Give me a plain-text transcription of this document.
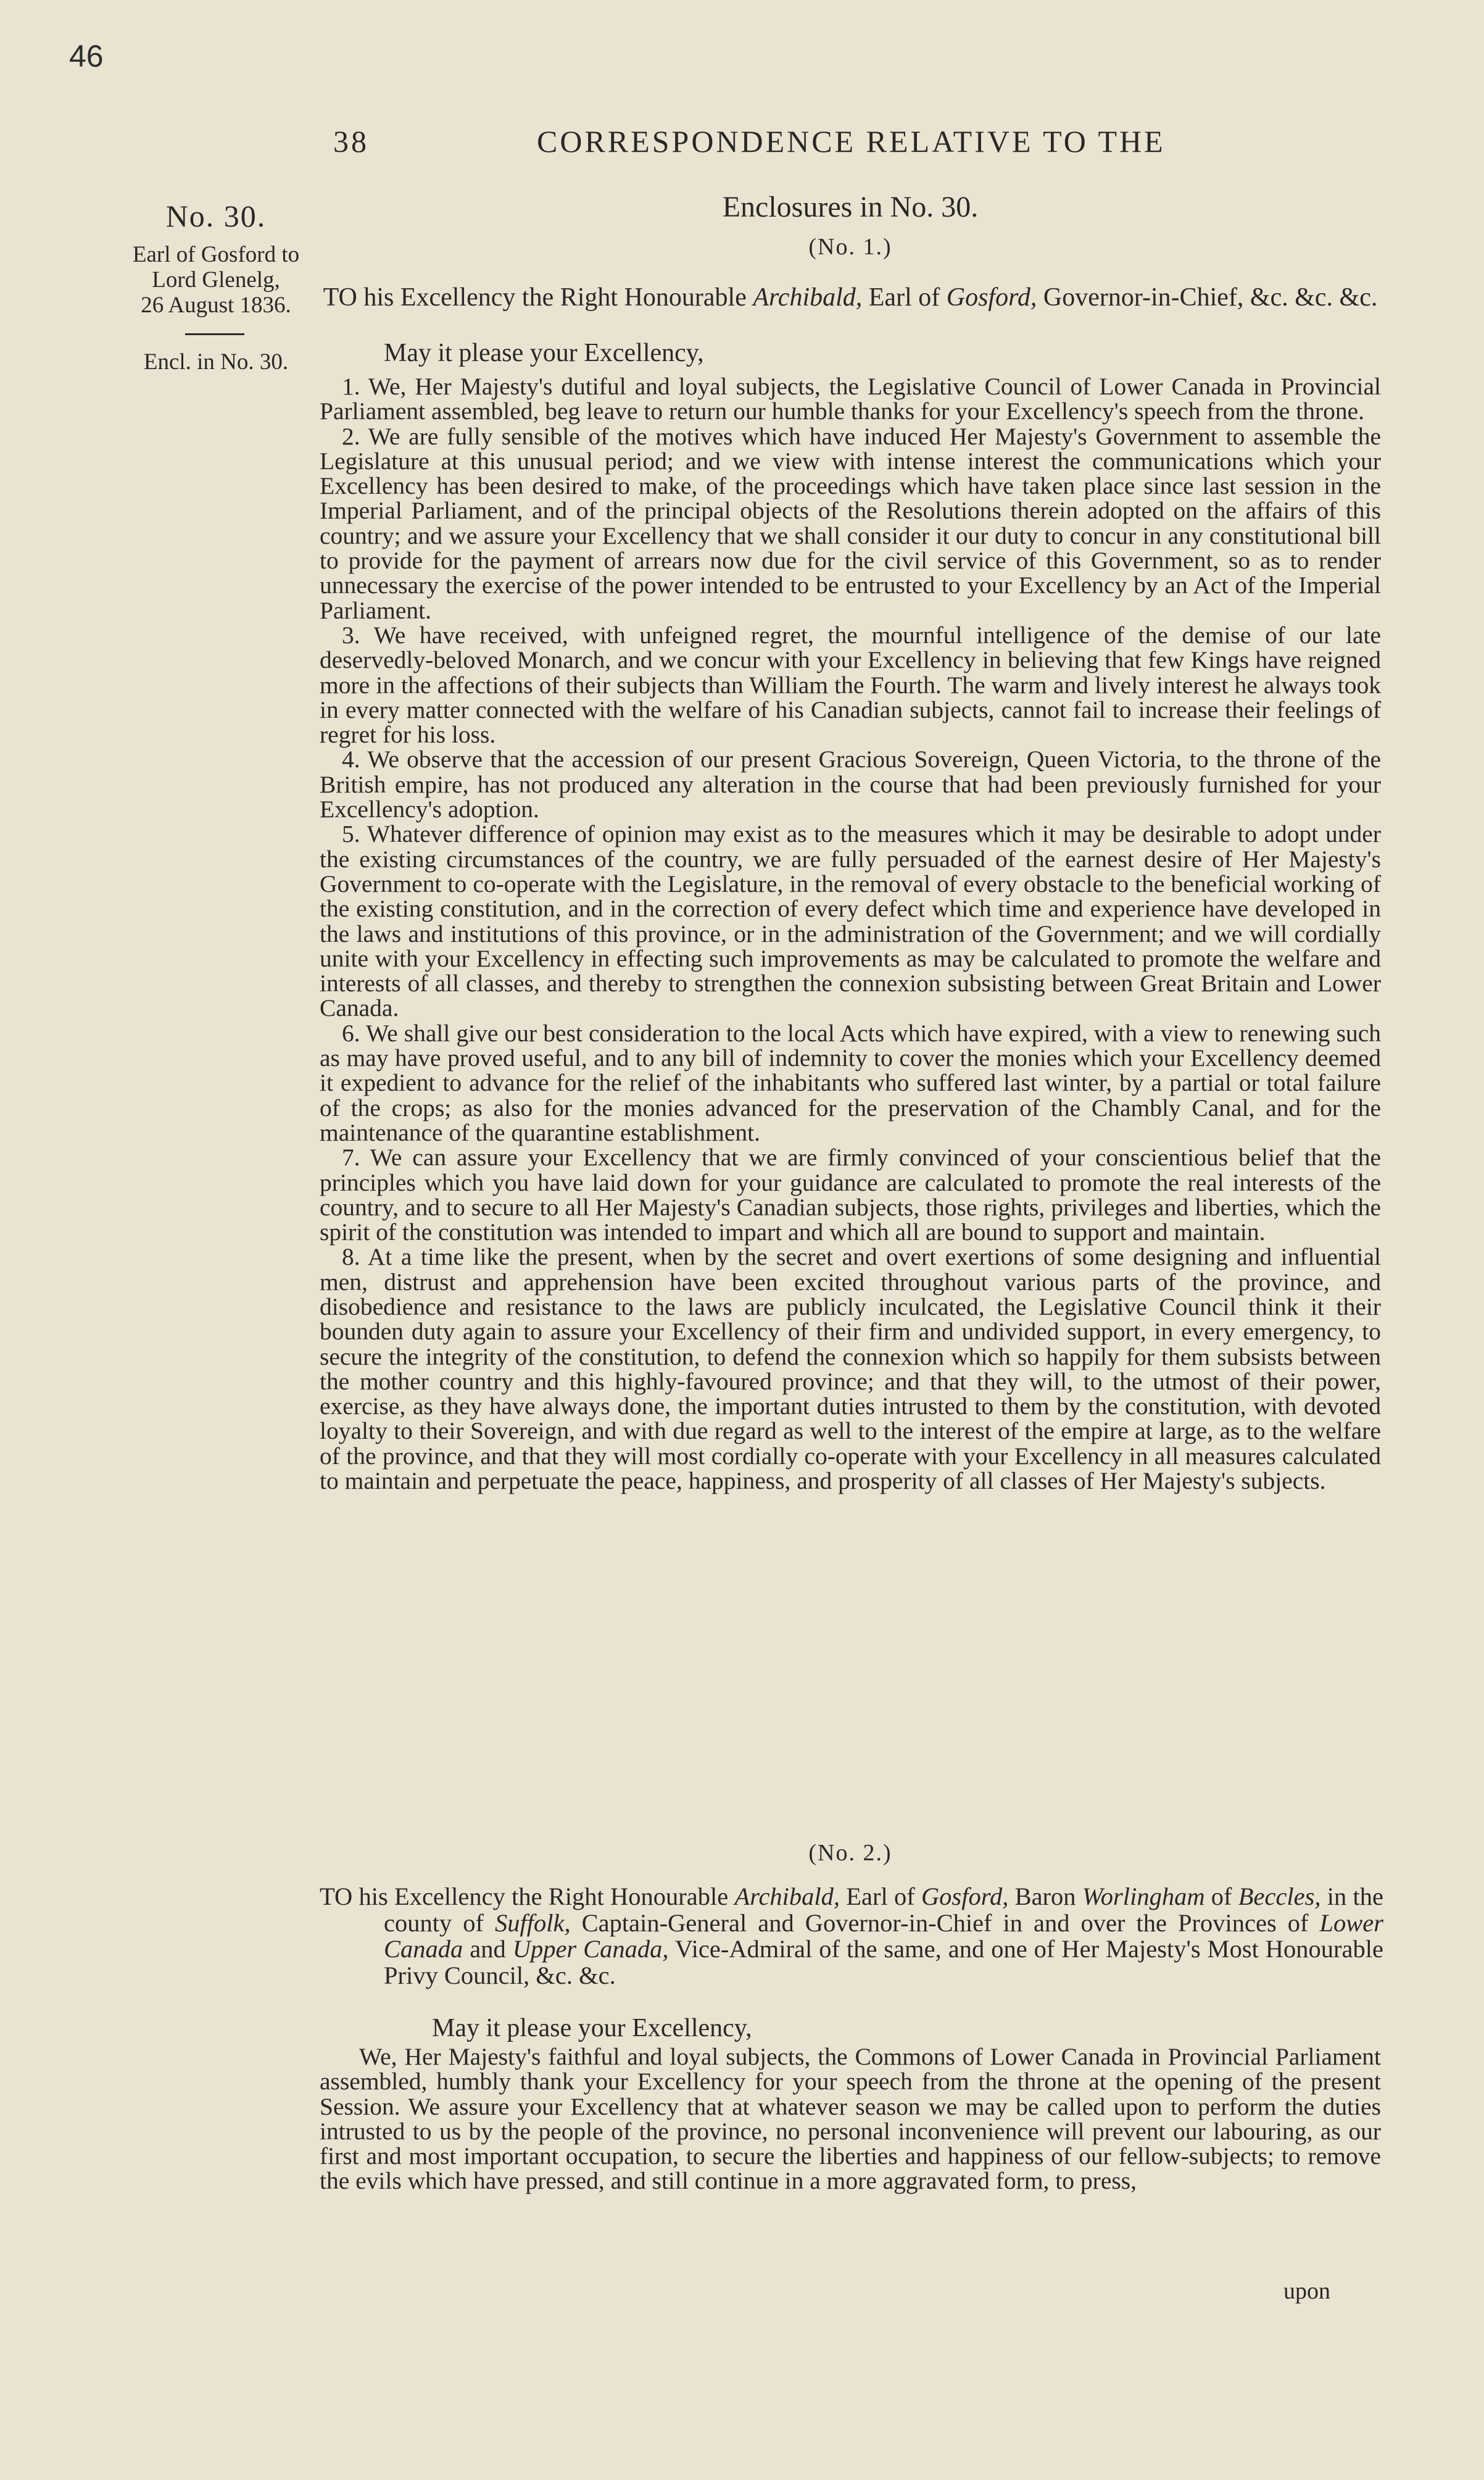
46
38	CORRESPONDENCE RELATIVE TO THE
No. 30.
Earl of Gosford to
Lord Glenelg,
26 August 1836.
Encl. in No. 30.
Enclosures in No. 30.
(No. 1.)
TO his Excellency the Right Honourable Archibald, Earl of Gosford, Governor-in-Chief, &c. &c. &c.
May it please your Excellency,

1. We, Her Majesty's dutiful and loyal subjects, the Legislative Council of Lower Canada in Provincial Parliament assembled, beg leave to return our humble thanks for your Excellency's speech from the throne.

2. We are fully sensible of the motives which have induced Her Majesty's Government to assemble the Legislature at this unusual period; and we view with intense interest the communications which your Excellency has been desired to make, of the proceedings which have taken place since last session in the Imperial Parliament, and of the principal objects of the Resolutions therein adopted on the affairs of this country; and we assure your Excellency that we shall consider it our duty to concur in any constitutional bill to provide for the payment of arrears now due for the civil service of this Government, so as to render unnecessary the exercise of the power intended to be entrusted to your Excellency by an Act of the Imperial Parliament.

3. We have received, with unfeigned regret, the mournful intelligence of the demise of our late deservedly-beloved Monarch, and we concur with your Excellency in believing that few Kings have reigned more in the affections of their subjects than William the Fourth. The warm and lively interest he always took in every matter connected with the welfare of his Canadian subjects, cannot fail to increase their feelings of regret for his loss.

4. We observe that the accession of our present Gracious Sovereign, Queen Victoria, to the throne of the British empire, has not produced any alteration in the course that had been previously furnished for your Excellency's adoption.

5. Whatever difference of opinion may exist as to the measures which it may be desirable to adopt under the existing circumstances of the country, we are fully persuaded of the earnest desire of Her Majesty's Government to co-operate with the Legislature, in the removal of every obstacle to the beneficial working of the existing constitution, and in the correction of every defect which time and experience have developed in the laws and institutions of this province, or in the administration of the Government; and we will cordially unite with your Excellency in effecting such improvements as may be calculated to promote the welfare and interests of all classes, and thereby to strengthen the connexion subsisting between Great Britain and Lower Canada.

6. We shall give our best consideration to the local Acts which have expired, with a view to renewing such as may have proved useful, and to any bill of indemnity to cover the monies which your Excellency deemed it expedient to advance for the relief of the inhabitants who suffered last winter, by a partial or total failure of the crops; as also for the monies advanced for the preservation of the Chambly Canal, and for the maintenance of the quarantine establishment.

7. We can assure your Excellency that we are firmly convinced of your conscientious belief that the principles which you have laid down for your guidance are calculated to promote the real interests of the country, and to secure to all Her Majesty's Canadian subjects, those rights, privileges and liberties, which the spirit of the constitution was intended to impart and which all are bound to support and maintain.

8. At a time like the present, when by the secret and overt exertions of some designing and influential men, distrust and apprehension have been excited throughout various parts of the province, and disobedience and resistance to the laws are publicly inculcated, the Legislative Council think it their bounden duty again to assure your Excellency of their firm and undivided support, in every emergency, to secure the integrity of the constitution, to defend the connexion which so happily for them subsists between the mother country and this highly-favoured province; and that they will, to the utmost of their power, exercise, as they have always done, the important duties intrusted to them by the constitution, with devoted loyalty to their Sovereign, and with due regard as well to the interest of the empire at large, as to the welfare of the province, and that they will most cordially co-operate with your Excellency in all measures calculated to maintain and perpetuate the peace, happiness, and prosperity of all classes of Her Majesty's subjects.

(No. 2.)
TO his Excellency the Right Honourable Archibald, Earl of Gosford, Baron Worlingham of Beccles, in the county of Suffolk, Captain-General and Governor-in-Chief in and over the Provinces of Lower Canada and Upper Canada, Vice-Admiral of the same, and one of Her Majesty's Most Honourable Privy Council, &c. &c.
May it please your Excellency,

We, Her Majesty's faithful and loyal subjects, the Commons of Lower Canada in Provincial Parliament assembled, humbly thank your Excellency for your speech from the throne at the opening of the present Session. We assure your Excellency that at whatever season we may be called upon to perform the duties intrusted to us by the people of the province, no personal inconvenience will prevent our labouring, as our first and most important occupation, to secure the liberties and happiness of our fellow-subjects; to remove the evils which have pressed, and still continue in a more aggravated form, to press,

upon
